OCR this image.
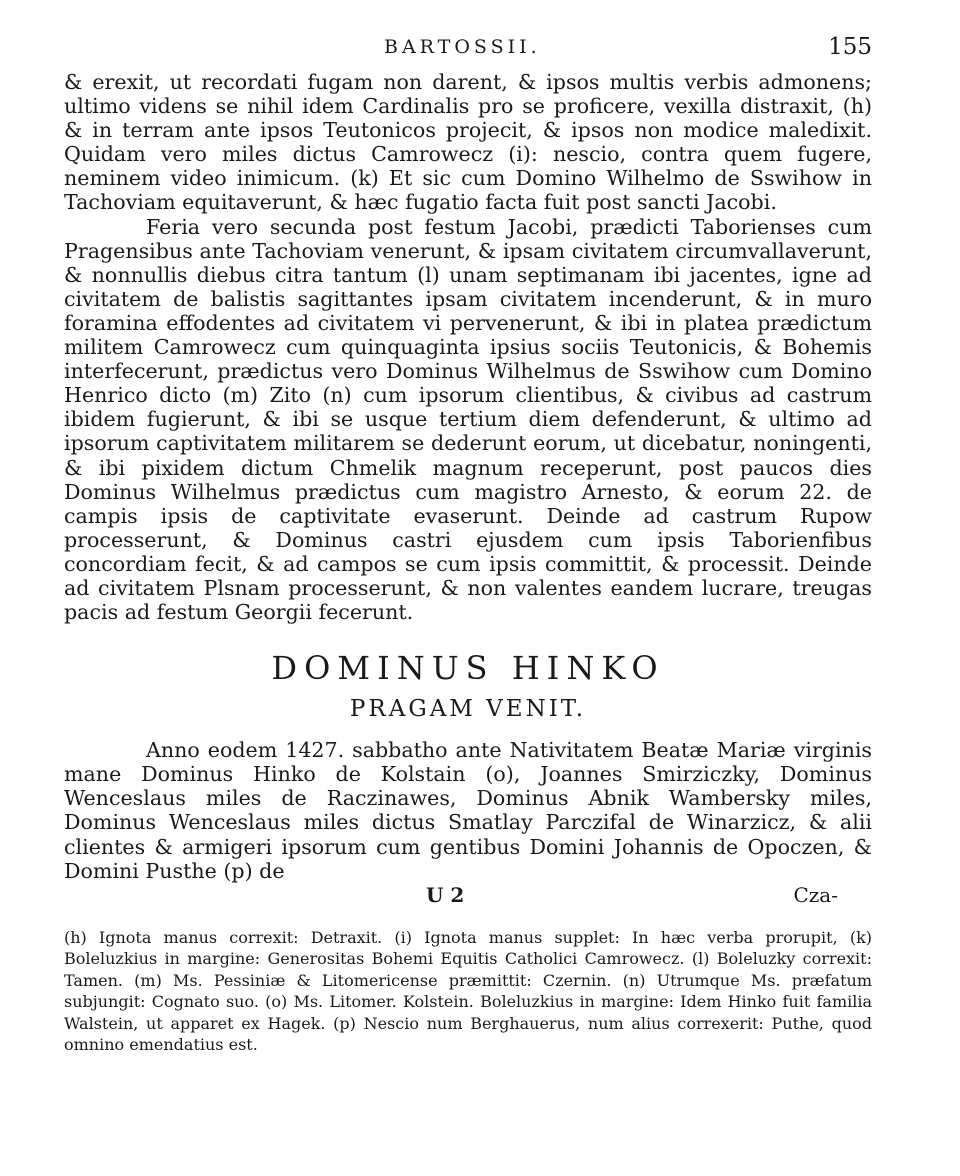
BARTOSSII.	155

& erexit, ut recordati fugam non darent, & ipsos multis verbis admonens; ultimo videns se nihil idem Cardinalis pro se proficere, vexilla distraxit, (h) & in terram ante ipsos Teutonicos projecit, & ipsos non modice maledixit. Quidam vero miles dictus Camrowecz (i): nescio, contra quem fugere, neminem video inimicum. (k) Et sic cum Domino Wilhelmo de Sswihow in Tachoviam equitaverunt, & hæc fugatio facta fuit post sancti Jacobi.

Feria vero secunda post festum Jacobi, prædicti Taborienses cum Pragensibus ante Tachoviam venerunt, & ipsam civitatem circumvallaverunt, & nonnullis diebus citra tantum (l) unam septimanam ibi jacentes, igne ad civitatem de balistis sagittantes ipsam civitatem incenderunt, & in muro foramina effodentes ad civitatem vi pervenerunt, & ibi in platea prædictum militem Camrowecz cum quinquaginta ipsius sociis Teutonicis, & Bohemis interfecerunt, prædictus vero Dominus Wilhelmus de Sswihow cum Domino Henrico dicto (m) Zito (n) cum ipsorum clientibus, & civibus ad castrum ibidem fugierunt, & ibi se usque tertium diem defenderunt, & ultimo ad ipsorum captivitatem militarem se dederunt eorum, ut dicebatur, noningenti, & ibi pixidem dictum Chmelik magnum receperunt, post paucos dies Dominus Wilhelmus prædictus cum magistro Arnesto, & eorum 22. de campis ipsis de captivitate evaserunt. Deinde ad castrum Rupow processerunt, & Dominus castri ejusdem cum ipsis Taborienfibus concordiam fecit, & ad campos se cum ipsis committit, & processit. Deinde ad civitatem Plsnam processerunt, & non valentes eandem lucrare, treugas pacis ad festum Georgii fecerunt.

DOMINUS HINKO
PRAGAM VENIT.

Anno eodem 1427. sabbatho ante Nativitatem Beatæ Mariæ virginis mane Dominus Hinko de Kolstain (o), Joannes Smirziczky, Dominus Wenceslaus miles de Raczinawes, Dominus Abnik Wambersky miles, Dominus Wenceslaus miles dictus Smatlay Parczifal de Winarzicz, & alii clientes & armigeri ipsorum cum gentibus Domini Johannis de Opoczen, & Domini Pusthe (p) de

U 2	Cza-

(h) Ignota manus correxit: Detraxit. (i) Ignota manus supplet: In hæc verba prorupit, (k) Boleluzkius in margine: Generositas Bohemi Equitis Catholici Camrowecz. (l) Boleluzky correxit: Tamen. (m) Ms. Pessiniæ & Litomericense præmittit: Czernin. (n) Utrumque Ms. præfatum subjungit: Cognato suo. (o) Ms. Litomer. Kolstein. Boleluzkius in margine: Idem Hinko fuit familia Walstein, ut apparet ex Hagek. (p) Nescio num Berghauerus, num alius correxerit: Puthe, quod omnino emendatius est.
